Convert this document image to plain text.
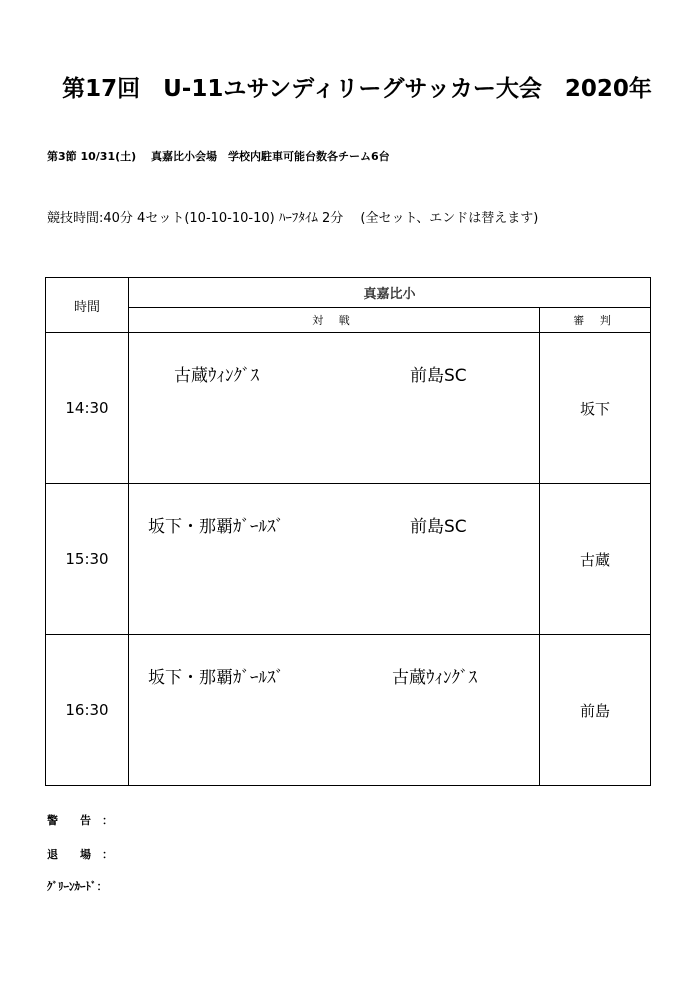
第17回　U-11ユサンディリーグサッカー大会　2020年
第3節 10/31(土)　 真嘉比小会場　学校内駐車可能台数各チーム6台
競技時間:40分 4セット(10-10-10-10) ﾊｰﾌﾀｲﾑ 2分　 (全セット、エンドは替えます)
時間	真嘉比小	
	対 戦	審 判
14:30	古蔵ｳｨﾝｸﾞｽ 前島SC	坂下
15:30	坂下・那覇ｶﾞｰﾙｽﾞ 前島SC	古蔵
16:30	坂下・那覇ｶﾞｰﾙｽﾞ 古蔵ｳｨﾝｸﾞｽ	前島
警　　告　：
退　　場　：
ｸﾞﾘｰﾝｶｰﾄﾞ：
